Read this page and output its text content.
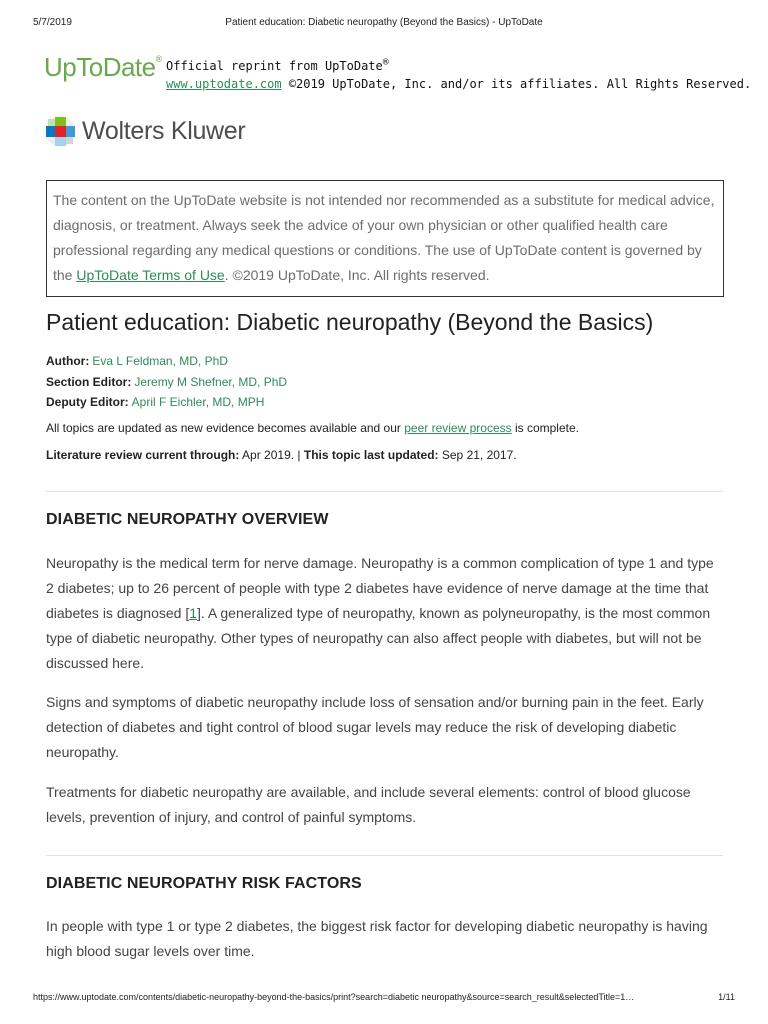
5/7/2019	Patient education: Diabetic neuropathy (Beyond the Basics) - UpToDate
UpToDate® Official reprint from UpToDate®
www.uptodate.com ©2019 UpToDate, Inc. and/or its affiliates. All Rights Reserved.
Wolters Kluwer
The content on the UpToDate website is not intended nor recommended as a substitute for medical advice, diagnosis, or treatment. Always seek the advice of your own physician or other qualified health care professional regarding any medical questions or conditions. The use of UpToDate content is governed by the UpToDate Terms of Use. ©2019 UpToDate, Inc. All rights reserved.
Patient education: Diabetic neuropathy (Beyond the Basics)
Author: Eva L Feldman, MD, PhD
Section Editor: Jeremy M Shefner, MD, PhD
Deputy Editor: April F Eichler, MD, MPH
All topics are updated as new evidence becomes available and our peer review process is complete.
Literature review current through: Apr 2019. | This topic last updated: Sep 21, 2017.
DIABETIC NEUROPATHY OVERVIEW

Neuropathy is the medical term for nerve damage. Neuropathy is a common complication of type 1 and type 2 diabetes; up to 26 percent of people with type 2 diabetes have evidence of nerve damage at the time that diabetes is diagnosed [1]. A generalized type of neuropathy, known as polyneuropathy, is the most common type of diabetic neuropathy. Other types of neuropathy can also affect people with diabetes, but will not be discussed here.

Signs and symptoms of diabetic neuropathy include loss of sensation and/or burning pain in the feet. Early detection of diabetes and tight control of blood sugar levels may reduce the risk of developing diabetic neuropathy.

Treatments for diabetic neuropathy are available, and include several elements: control of blood glucose levels, prevention of injury, and control of painful symptoms.

DIABETIC NEUROPATHY RISK FACTORS

In people with type 1 or type 2 diabetes, the biggest risk factor for developing diabetic neuropathy is having high blood sugar levels over time.

https://www.uptodate.com/contents/diabetic-neuropathy-beyond-the-basics/print?search=diabetic neuropathy&source=search_result&selectedTitle=1…	1/11
